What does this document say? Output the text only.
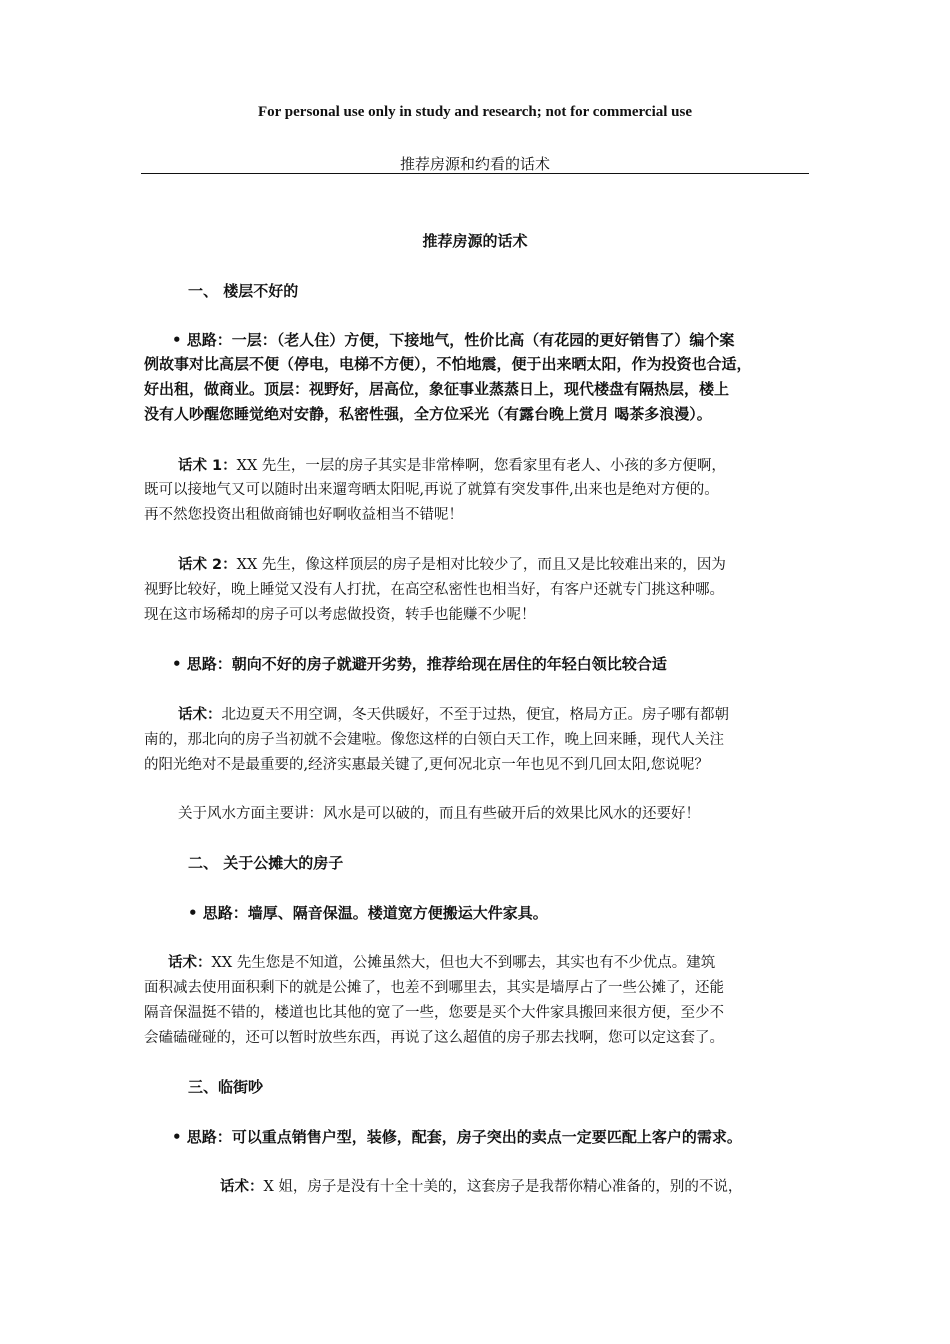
For personal use only in study and research; not for commercial use
推荐房源和约看的话术
推荐房源的话术
一、 楼层不好的
• 思路：一层：（老人住）方便，下接地气，性价比高（有花园的更好销售了）编个案
例故事对比高层不便（停电，电梯不方便），不怕地震，便于出来晒太阳，作为投资也合适，
好出租，做商业。顶层：视野好，居高位，象征事业蒸蒸日上，现代楼盘有隔热层，楼上
没有人吵醒您睡觉绝对安静，私密性强，全方位采光（有露台晚上赏月 喝茶多浪漫）。
话术 1：XX 先生，一层的房子其实是非常棒啊，您看家里有老人、小孩的多方便啊，
既可以接地气又可以随时出来遛弯晒太阳呢,再说了就算有突发事件,出来也是绝对方便的。
再不然您投资出租做商铺也好啊收益相当不错呢！
话术 2：XX 先生，像这样顶层的房子是相对比较少了，而且又是比较难出来的，因为
视野比较好，晚上睡觉又没有人打扰，在高空私密性也相当好，有客户还就专门挑这种哪。
现在这市场稀却的房子可以考虑做投资，转手也能赚不少呢！
• 思路：朝向不好的房子就避开劣势，推荐给现在居住的年轻白领比较合适
话术：北边夏天不用空调，冬天供暖好，不至于过热，便宜，格局方正。房子哪有都朝
南的，那北向的房子当初就不会建啦。像您这样的白领白天工作，晚上回来睡，现代人关注
的阳光绝对不是最重要的,经济实惠最关键了,更何况北京一年也见不到几回太阳,您说呢？
关于风水方面主要讲：风水是可以破的，而且有些破开后的效果比风水的还要好！
二、 关于公摊大的房子
• 思路：墙厚、隔音保温。楼道宽方便搬运大件家具。
话术：XX 先生您是不知道，公摊虽然大，但也大不到哪去，其实也有不少优点。建筑
面积减去使用面积剩下的就是公摊了，也差不到哪里去，其实是墙厚占了一些公摊了，还能
隔音保温挺不错的，楼道也比其他的宽了一些，您要是买个大件家具搬回来很方便，至少不
会磕磕碰碰的，还可以暂时放些东西，再说了这么超值的房子那去找啊，您可以定这套了。
三、临街吵
• 思路：可以重点销售户型，装修，配套，房子突出的卖点一定要匹配上客户的需求。
话术：X 姐，房子是没有十全十美的，这套房子是我帮你精心准备的，别的不说，
